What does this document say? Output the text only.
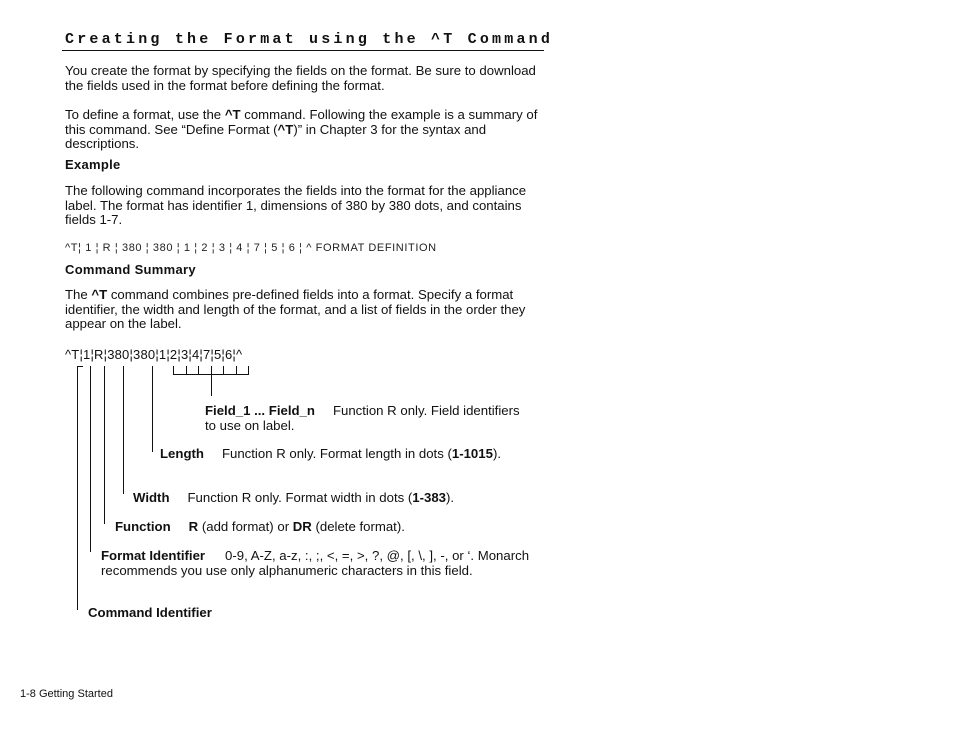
Creating the Format using the ^T Command
You create the format by specifying the fields on the format. Be sure to download the fields used in the format before defining the format.
To define a format, use the ^T command. Following the example is a summary of this command. See “Define Format (^T)” in Chapter 3 for the syntax and descriptions.
Example
The following command incorporates the fields into the format for the appliance label. The format has identifier 1, dimensions of 380 by 380 dots, and contains fields 1-7.
^T¦ 1 ¦ R ¦ 380 ¦ 380 ¦ 1 ¦ 2 ¦ 3 ¦ 4 ¦ 7 ¦ 5 ¦ 6 ¦ ^ FORMAT DEFINITION
Command Summary
The ^T command combines pre-defined fields into a format. Specify a format identifier, the width and length of the format, and a list of fields in the order they appear on the label.
^T¦1¦R¦380¦380¦1¦2¦3¦4¦7¦5¦6¦^
Field_1 ... Field_n Function R only. Field identifiers to use on label.
Length Function R only. Format length in dots (1-1015).
Width Function R only. Format width in dots (1-383).
Function R (add format) or DR (delete format).
Format Identifier 0-9, A-Z, a-z, :, ;, <, =, >, ?, @, [, \, ], -, or ‘. Monarch recommends you use only alphanumeric characters in this field.
Command Identifier
1-8 Getting Started
